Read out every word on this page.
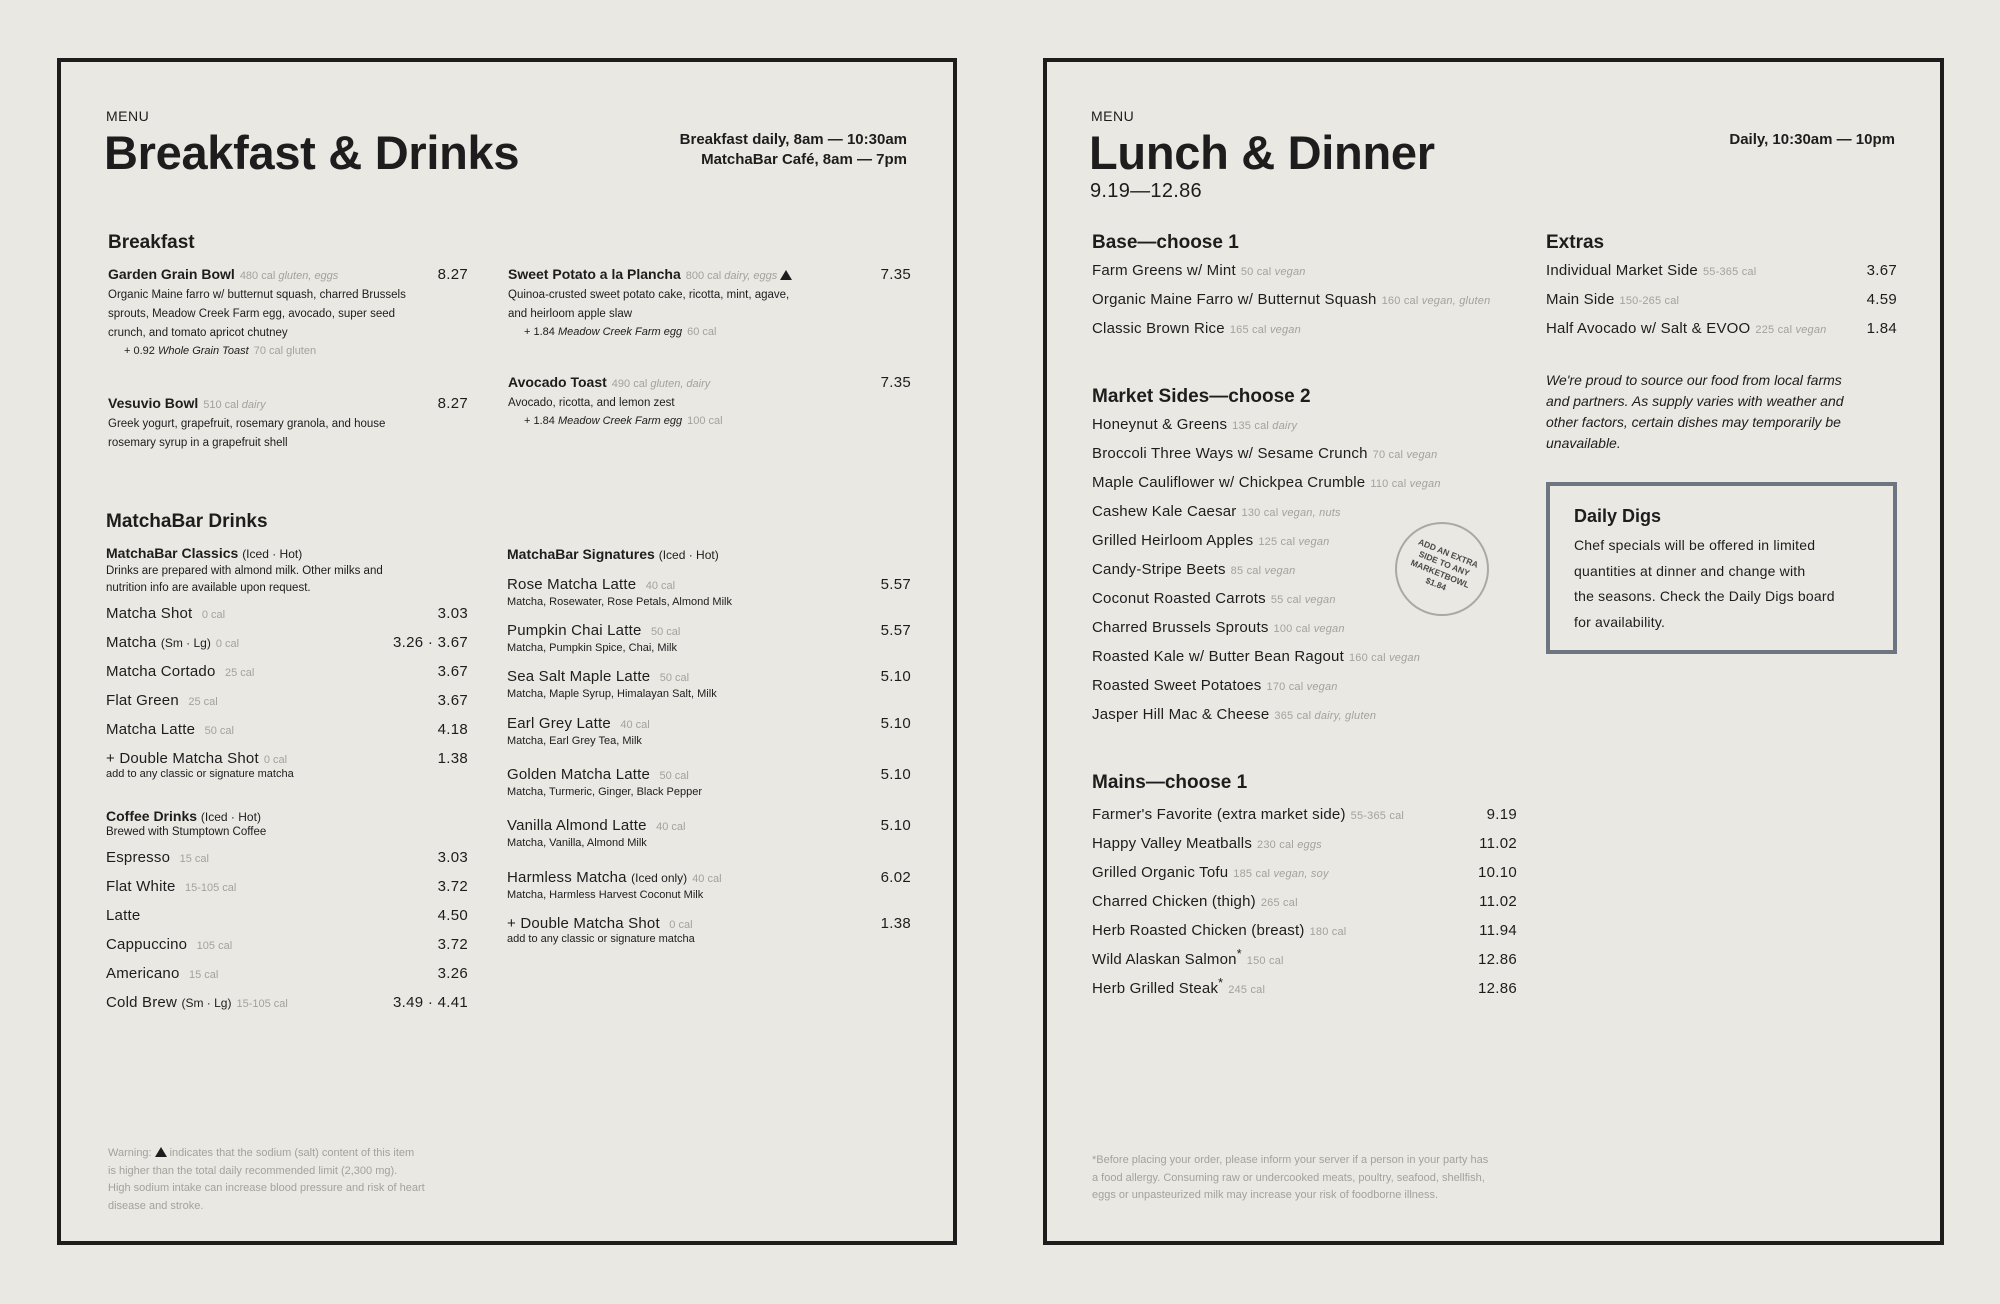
MENU
Breakfast & Drinks	Breakfast daily, 8am — 10:30am
MatchaBar Café, 8am — 7pm
Breakfast
Garden Grain Bowl 480 cal gluten, eggs	8.27
Organic Maine farro w/ butternut squash, charred Brussels
sprouts, Meadow Creek Farm egg, avocado, super seed
crunch, and tomato apricot chutney
+ 0.92 Whole Grain Toast 70 cal gluten
Vesuvio Bowl 510 cal dairy	8.27
Greek yogurt, grapefruit, rosemary granola, and house
rosemary syrup in a grapefruit shell
Sweet Potato a la Plancha 800 cal dairy, eggs	7.35
Quinoa-crusted sweet potato cake, ricotta, mint, agave,
and heirloom apple slaw
+ 1.84 Meadow Creek Farm egg 60 cal
Avocado Toast 490 cal gluten, dairy	7.35
Avocado, ricotta, and lemon zest
+ 1.84 Meadow Creek Farm egg 100 cal
MatchaBar Drinks
MatchaBar Classics (Iced · Hot)
Drinks are prepared with almond milk. Other milks and
nutrition info are available upon request.
Matcha Shot 0 cal	3.03
Matcha (Sm · Lg) 0 cal	3.26 · 3.67
Matcha Cortado 25 cal	3.67
Flat Green 25 cal	3.67
Matcha Latte 50 cal	4.18
+ Double Matcha Shot 0 cal	1.38
add to any classic or signature matcha
Coffee Drinks (Iced · Hot)
Brewed with Stumptown Coffee
Espresso 15 cal	3.03
Flat White 15-105 cal	3.72
Latte	4.50
Cappuccino 105 cal	3.72
Americano 15 cal	3.26
Cold Brew (Sm · Lg) 15-105 cal	3.49 · 4.41
MatchaBar Signatures (Iced · Hot)
Rose Matcha Latte 40 cal	5.57
Matcha, Rosewater, Rose Petals, Almond Milk
Pumpkin Chai Latte 50 cal	5.57
Matcha, Pumpkin Spice, Chai, Milk
Sea Salt Maple Latte 50 cal	5.10
Matcha, Maple Syrup, Himalayan Salt, Milk
Earl Grey Latte 40 cal	5.10
Matcha, Earl Grey Tea, Milk
Golden Matcha Latte 50 cal	5.10
Matcha, Turmeric, Ginger, Black Pepper
Vanilla Almond Latte 40 cal	5.10
Matcha, Vanilla, Almond Milk
Harmless Matcha (Iced only) 40 cal	6.02
Matcha, Harmless Harvest Coconut Milk
+ Double Matcha Shot 0 cal	1.38
add to any classic or signature matcha
Warning: indicates that the sodium (salt) content of this item
is higher than the total daily recommended limit (2,300 mg).
High sodium intake can increase blood pressure and risk of heart
disease and stroke.
MENU
Lunch & Dinner
9.19—12.86
Daily, 10:30am — 10pm
Base—choose 1
Farm Greens w/ Mint 50 cal vegan
Organic Maine Farro w/ Butternut Squash 160 cal vegan, gluten
Classic Brown Rice 165 cal vegan
Market Sides—choose 2
Honeynut & Greens 135 cal dairy
Broccoli Three Ways w/ Sesame Crunch 70 cal vegan
Maple Cauliflower w/ Chickpea Crumble 110 cal vegan
Cashew Kale Caesar 130 cal vegan, nuts
Grilled Heirloom Apples 125 cal vegan
Candy-Stripe Beets 85 cal vegan
Coconut Roasted Carrots 55 cal vegan
Charred Brussels Sprouts 100 cal vegan
Roasted Kale w/ Butter Bean Ragout 160 cal vegan
Roasted Sweet Potatoes 170 cal vegan
Jasper Hill Mac & Cheese 365 cal dairy, gluten
ADD AN EXTRA SIDE TO ANY MARKETBOWL $1.84
Mains—choose 1
Farmer's Favorite (extra market side) 55-365 cal	9.19
Happy Valley Meatballs 230 cal eggs	11.02
Grilled Organic Tofu 185 cal vegan, soy	10.10
Charred Chicken (thigh) 265 cal	11.02
Herb Roasted Chicken (breast) 180 cal	11.94
Wild Alaskan Salmon* 150 cal	12.86
Herb Grilled Steak* 245 cal	12.86
Extras
Individual Market Side 55-365 cal	3.67
Main Side 150-265 cal	4.59
Half Avocado w/ Salt & EVOO 225 cal vegan	1.84
We're proud to source our food from local farms
and partners. As supply varies with weather and
other factors, certain dishes may temporarily be
unavailable.
Daily Digs
Chef specials will be offered in limited
quantities at dinner and change with
the seasons. Check the Daily Digs board
for availability.
*Before placing your order, please inform your server if a person in your party has
a food allergy. Consuming raw or undercooked meats, poultry, seafood, shellfish,
eggs or unpasteurized milk may increase your risk of foodborne illness.
